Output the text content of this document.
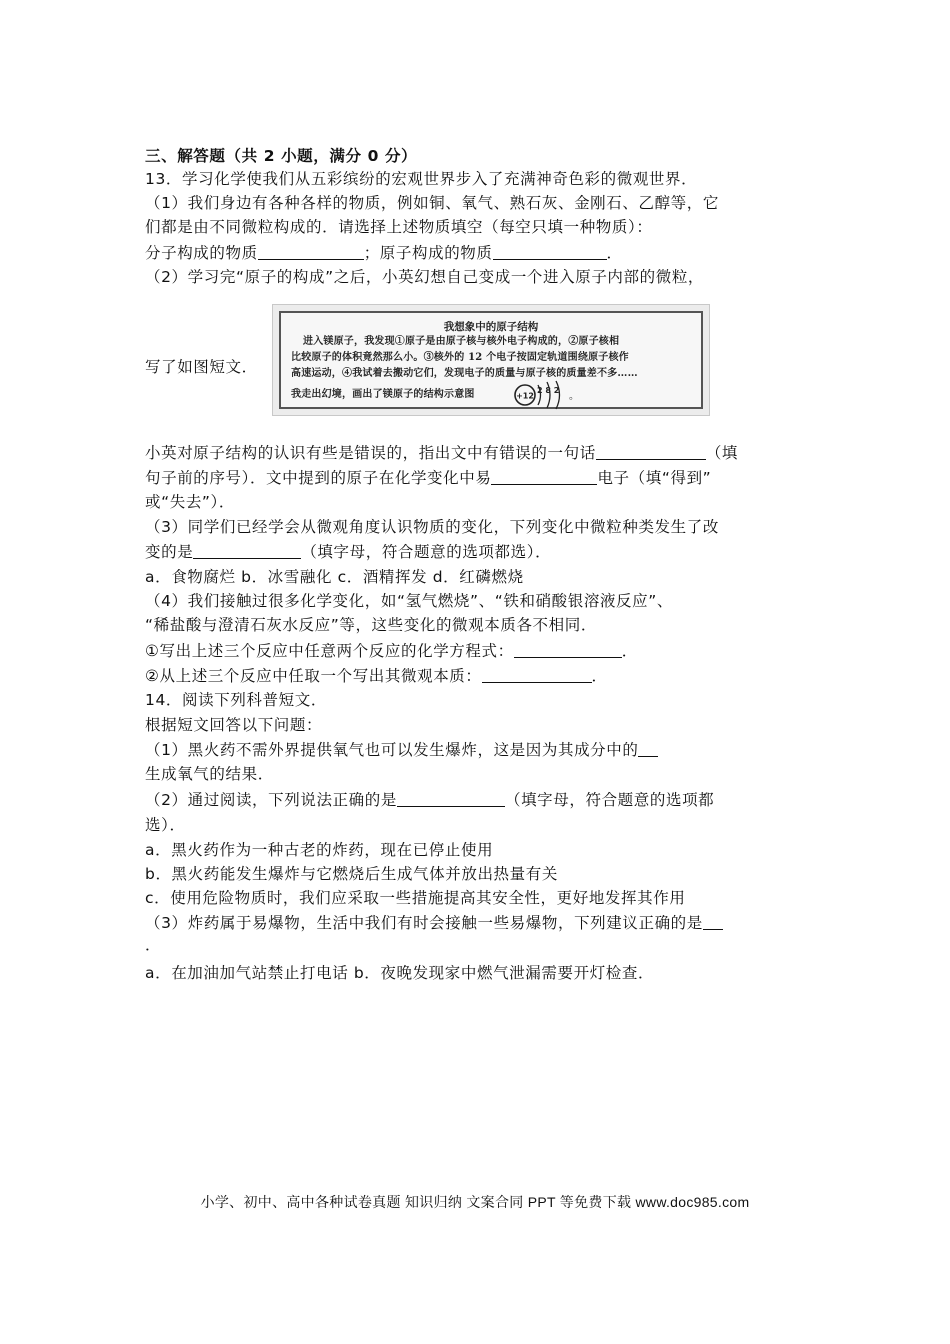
三、解答题（共 2 小题，满分 0 分）
13．学习化学使我们从五彩缤纷的宏观世界步入了充满神奇色彩的微观世界．
（1）我们身边有各种各样的物质，例如铜、氧气、熟石灰、金刚石、乙醇等，它
们都是由不同微粒构成的．请选择上述物质填空（每空只填一种物质）：
分子构成的物质	；原子构成的物质	．
（2）学习完“原子的构成”之后，小英幻想自己变成一个进入原子内部的微粒，
我想象中的原子结构
进入镁原子，我发现①原子是由原子核与核外电子构成的，②原子核相
比较原子的体积竟然那么小。③核外的 12 个电子按固定轨道围绕原子核作
高速运动，④我试着去搬动它们，发现电子的质量与原子核的质量差不多……
我走出幻境，画出了镁原子的结构示意图	+12
2 8 2
。
写了如图短文．
小英对原子结构的认识有些是错误的，指出文中有错误的一句话	（填
句子前的序号）．文中提到的原子在化学变化中易	电子（填“得到”
或“失去”）．
（3）同学们已经学会从微观角度认识物质的变化，下列变化中微粒种类发生了改
变的是	（填字母，符合题意的选项都选）．
a．食物腐烂 b．冰雪融化 c．酒精挥发 d．红磷燃烧
（4）我们接触过很多化学变化，如“氢气燃烧”、“铁和硝酸银溶液反应”、
“稀盐酸与澄清石灰水反应”等，这些变化的微观本质各不相同．
①写出上述三个反应中任意两个反应的化学方程式：	．
②从上述三个反应中任取一个写出其微观本质：	．
14．阅读下列科普短文．
根据短文回答以下问题：
（1）黑火药不需外界提供氧气也可以发生爆炸，这是因为其成分中的
生成氧气的结果．
（2）通过阅读，下列说法正确的是	（填字母，符合题意的选项都
选）．
a．黑火药作为一种古老的炸药，现在已停止使用
b．黑火药能发生爆炸与它燃烧后生成气体并放出热量有关
c．使用危险物质时，我们应采取一些措施提高其安全性，更好地发挥其作用
（3）炸药属于易爆物，生活中我们有时会接触一些易爆物，下列建议正确的是
．
a．在加油加气站禁止打电话 b．夜晚发现家中燃气泄漏需要开灯检查．
小学、初中、高中各种试卷真题 知识归纳 文案合同 PPT 等免费下载 www.doc985.com
